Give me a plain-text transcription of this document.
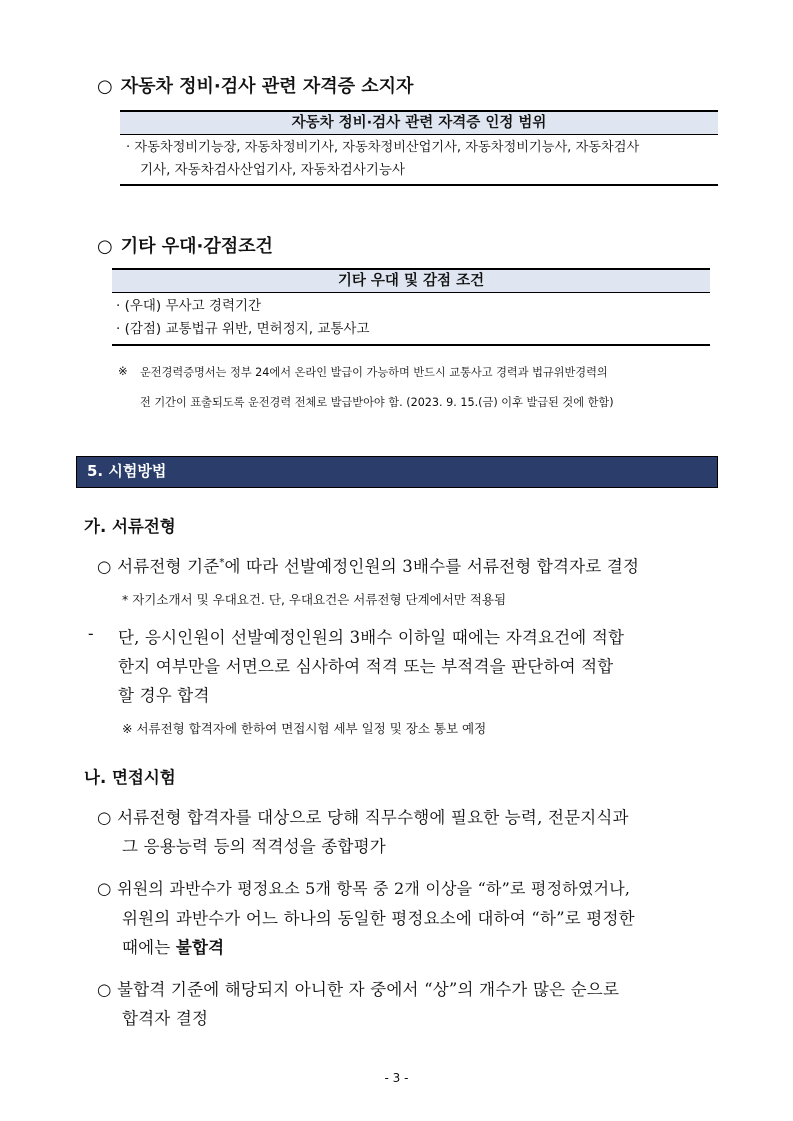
○ 자동차 정비·검사 관련 자격증 소지자
자동차 정비·검사 관련 자격증 인정 범위
· 자동차정비기능장, 자동차정비기사, 자동차정비산업기사, 자동차정비기능사, 자동차검사
기사, 자동차검사산업기사, 자동차검사기능사
○ 기타 우대·감점조건
기타 우대 및 감점 조건
· (우대) 무사고 경력기간
· (감점) 교통법규 위반, 면허정지, 교통사고
※ 운전경력증명서는 정부 24에서 온라인 발급이 가능하며 반드시 교통사고 경력과 법규위반경력의
전 기간이 표출되도록 운전경력 전체로 발급받아야 함. (2023. 9. 15.(금) 이후 발급된 것에 한함)
5. 시험방법
가. 서류전형
○ 서류전형 기준*에 따라 선발예정인원의 3배수를 서류전형 합격자로 결정
* 자기소개서 및 우대요건. 단, 우대요건은 서류전형 단계에서만 적용됨
- 단, 응시인원이 선발예정인원의 3배수 이하일 때에는 자격요건에 적합
한지 여부만을 서면으로 심사하여 적격 또는 부적격을 판단하여 적합
할 경우 합격
※ 서류전형 합격자에 한하여 면접시험 세부 일정 및 장소 통보 예정
나. 면접시험
○ 서류전형 합격자를 대상으로 당해 직무수행에 필요한 능력, 전문지식과
그 응용능력 등의 적격성을 종합평가
○ 위원의 과반수가 평정요소 5개 항목 중 2개 이상을 “하”로 평정하였거나,
위원의 과반수가 어느 하나의 동일한 평정요소에 대하여 “하”로 평정한
때에는 불합격
○ 불합격 기준에 해당되지 아니한 자 중에서 “상”의 개수가 많은 순으로
합격자 결정
- 3 -
